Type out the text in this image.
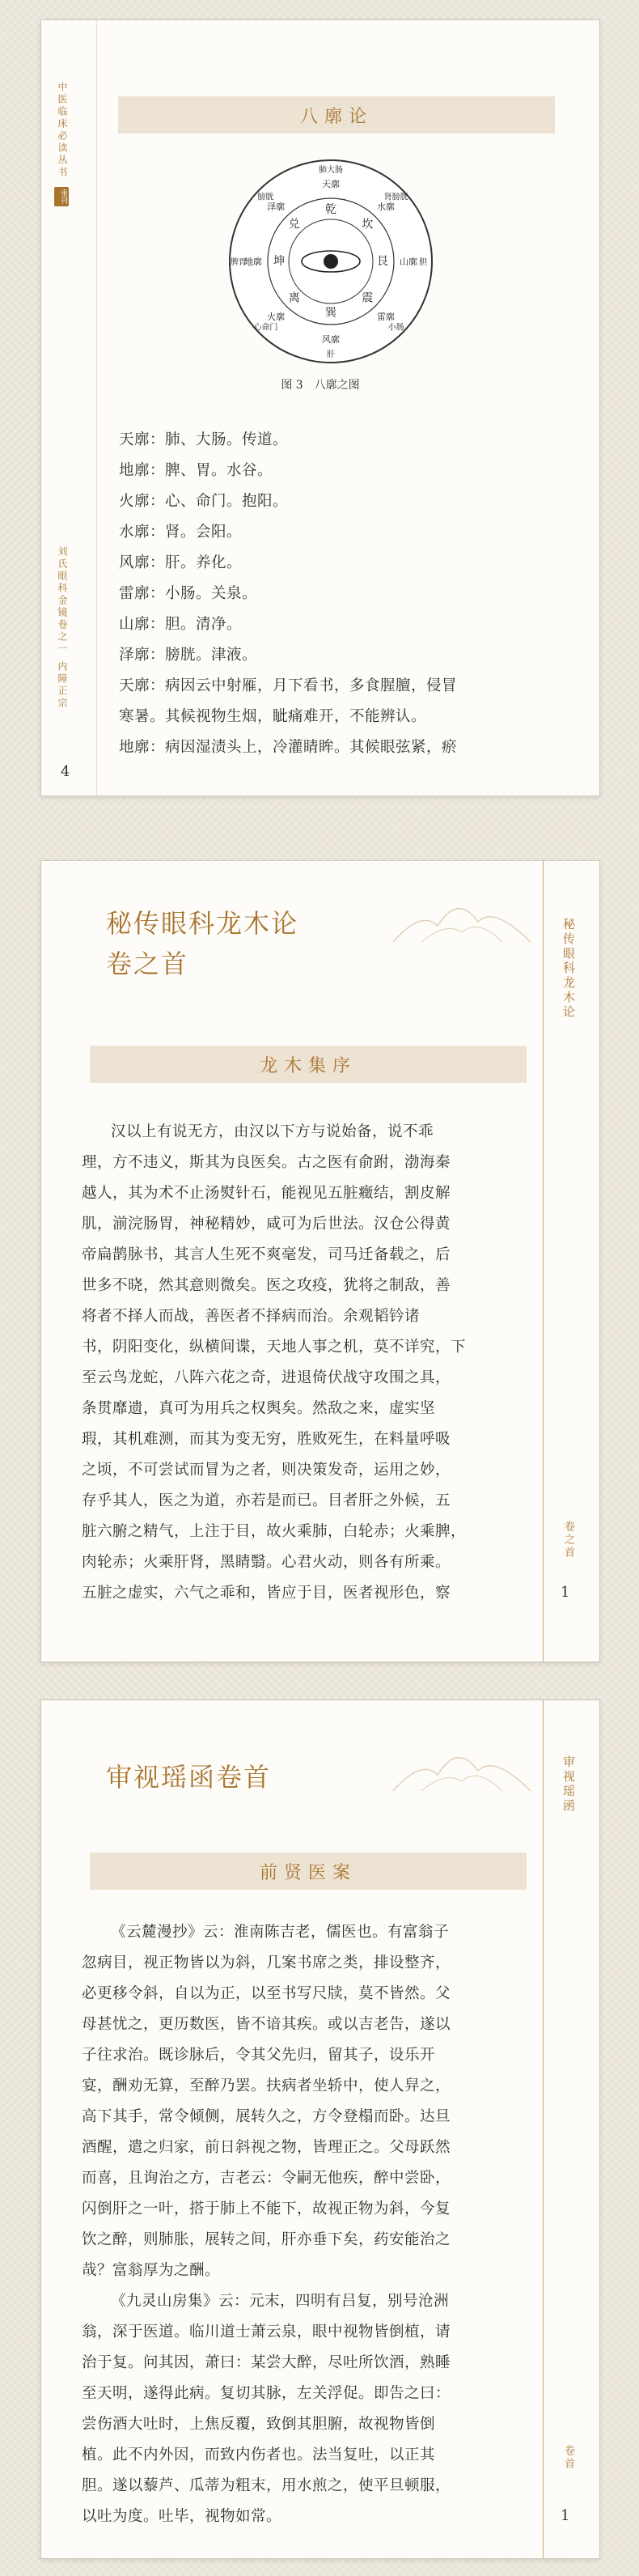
中医临床必读丛书
重刊
刘氏眼科金镜卷之一 内障正宗
4
八廓论
乾
天廓
肺大肠
坎
水廓
肾膀胱
艮 山廓 胆
震
雷廓
小肠
巽
风廓
肝
离
火廓
心命门
坤
地廓
脾胃
兑
泽廓
膀胱
图 3　八廓之图
天廓：肺、大肠。传道。
地廓：脾、胃。水谷。
火廓：心、命门。抱阳。
水廓：肾。会阳。
风廓：肝。养化。
雷廓：小肠。关泉。
山廓：胆。清净。
泽廓：膀胱。津液。
天廓：病因云中射雁，月下看书，多食腥膻，侵冒
寒暑。其候视物生烟，眦痛难开，不能辨认。
地廓：病因湿渍头上，冷灌睛眸。其候眼弦紧，瘀
秘传眼科龙木论
卷之首	秘传眼科龙木论
卷之首
1
龙木集序
汉以上有说无方，由汉以下方与说始备，说不乖
理，方不违义，斯其为良医矣。古之医有俞跗，渤海秦
越人，其为术不止汤熨针石，能视见五脏癥结，割皮解
肌，湔浣肠胃，神秘精妙，咸可为后世法。汉仓公得黄
帝扁鹊脉书，其言人生死不爽毫发，司马迁备载之，后
世多不晓，然其意则微矣。医之攻疫，犹将之制敌，善
将者不择人而战，善医者不择病而治。余观韬钤诸
书，阴阳变化，纵横间谍，天地人事之机，莫不详究，下
至云鸟龙蛇，八阵六花之奇，进退倚伏战守攻围之具，
条贯靡遗，真可为用兵之权舆矣。然敌之来，虚实坚
瑕，其机难测，而其为变无穷，胜败死生，在料量呼吸
之顷，不可尝试而冒为之者，则决策发奇，运用之妙，
存乎其人，医之为道，亦若是而已。目者肝之外候，五
脏六腑之精气，上注于目，故火乘肺，白轮赤；火乘脾，
肉轮赤；火乘肝肾，黑睛翳。心君火动，则各有所乘。
五脏之虚实，六气之乖和，皆应于目，医者视形色，察
审视瑶函卷首	审视瑶函
卷首
1
前贤医案
《云麓漫抄》云：淮南陈吉老，儒医也。有富翁子
忽病目，视正物皆以为斜，几案书席之类，排设整齐，
必更移令斜，自以为正，以至书写尺牍，莫不皆然。父
母甚忧之，更历数医，皆不谙其疾。或以吉老告，遂以
子往求治。既诊脉后，令其父先归，留其子，设乐开
宴，酬劝无算，至醉乃罢。扶病者坐轿中，使人舁之，
高下其手，常令倾侧，展转久之，方令登榻而卧。达旦
酒醒，遣之归家，前日斜视之物，皆理正之。父母跃然
而喜，且询治之方，吉老云：令嗣无他疾，醉中尝卧，
闪倒肝之一叶，搭于肺上不能下，故视正物为斜，今复
饮之醉，则肺胀，展转之间，肝亦垂下矣，药安能治之
哉？富翁厚为之酬。
《九灵山房集》云：元末，四明有吕复，别号沧洲
翁，深于医道。临川道士萧云泉，眼中视物皆倒植，请
治于复。问其因，萧曰：某尝大醉，尽吐所饮酒，熟睡
至天明，遂得此病。复切其脉，左关浮促。即告之曰：
尝伤酒大吐时，上焦反覆，致倒其胆腑，故视物皆倒
植。此不内外因，而致内伤者也。法当复吐，以正其
胆。遂以藜芦、瓜蒂为粗末，用水煎之，使平旦顿服，
以吐为度。吐毕，视物如常。
